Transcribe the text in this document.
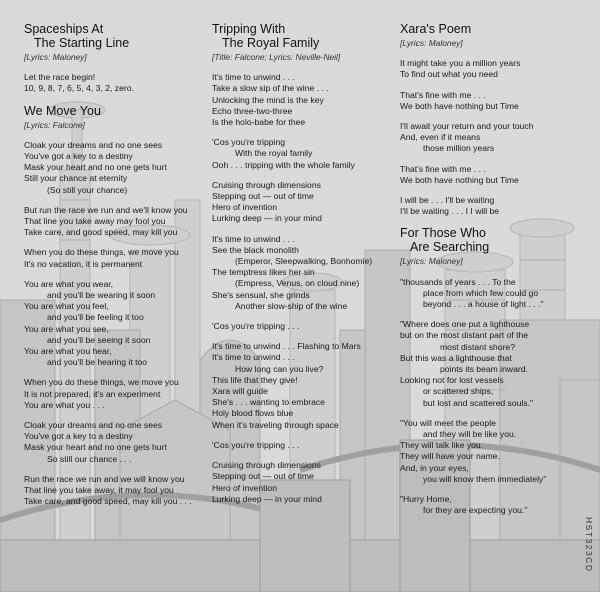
Spaceships At
The Starting Line
[Lyrics: Maloney]
Let the race begin!
10, 9, 8, 7, 6, 5, 4, 3, 2, zero.
We Move You
[Lyrics: Falcone]
Cloak your dreams and no one sees
You've got a key to a destiny
Mask your heart and no one gets hurt
Still your chance at eternity
(So still your chance)
But run the race we run and we'll know you
That line you take away may fool you
Take care, and good speed, may kill you
When you do these things, we move you
It's no vacation, it is permanent
You are what you wear,
and you'll be wearing it soon
You are what you feel,
and you'll be feeling it too
You are what you see,
and you'll be seeing it soon
You are what you hear,
and you'll be hearing it too
When you do these things, we move you
It is not prepared, it's an experiment
You are what you . . .
Cloak your dreams and no one sees
You've got a key to a destiny
Mask your heart and no one gets hurt
So still our chance . . .
Run the race we run and we will know you
That line you take away, it may fool you
Take care, and good speed, may kill you . . .
Tripping With
The Royal Family
[Title: Falcone; Lyrics: Neville-Neil]
It's time to unwind . . .
Take a slow sip of the wine . . .
Unlocking the mind is the key
Echo three-two-three
Is the holo-babe for thee
'Cos you're tripping
With the royal family
Ooh . . . tripping with the whole family
Cruising through dimensions
Stepping out — out of time
Hero of invention
Lurking deep — in your mind
It's time to unwind . . .
See the black monolith
(Emperor, Sleepwalking, Bonhomie)
The temptress likes her sin
(Empress, Venus, on cloud nine)
She's sensual, she grinds
Another slow-ship of the wine
'Cos you're tripping . . .
It's time to unwind . . . Flashing to Mars
It's time to unwind . . .
How long can you live?
This life that they give!
Xara will guide
She's . . . wanting to embrace
Holy blood flows blue
When it's traveling through space
'Cos you're tripping . . .
Cruising through dimensions
Stepping out — out of time
Hero of invention
Lurking deep — in your mind
Xara's Poem
[Lyrics: Maloney]
It might take you a million years
To find out what you need
That's fine with me . . .
We both have nothing but Time
I'll await your return and your touch
And, even if it means
those million years
That's fine with me . . .
We both have nothing but Time
I will be . . . I'll be waiting
I'll be waiting . . . I I will be
For Those Who
Are Searching
[Lyrics: Maloney]
"thousands of years . . . To the
place from which few could go
beyond . . . a house of light . . ."
"Where does one put a lighthouse
but on the most distant part of the
most distant shore?
But this was a lighthouse that
points its beam inward.
Looking not for lost vessels
or scattered ships,
but lost and scattered souls."
"You will meet the people
and they will be like you.
They will talk like you.
They will have your name.
And, in your eyes,
you will know them immediately"
"Hurry Home,
for they are expecting you."
HST323CD
